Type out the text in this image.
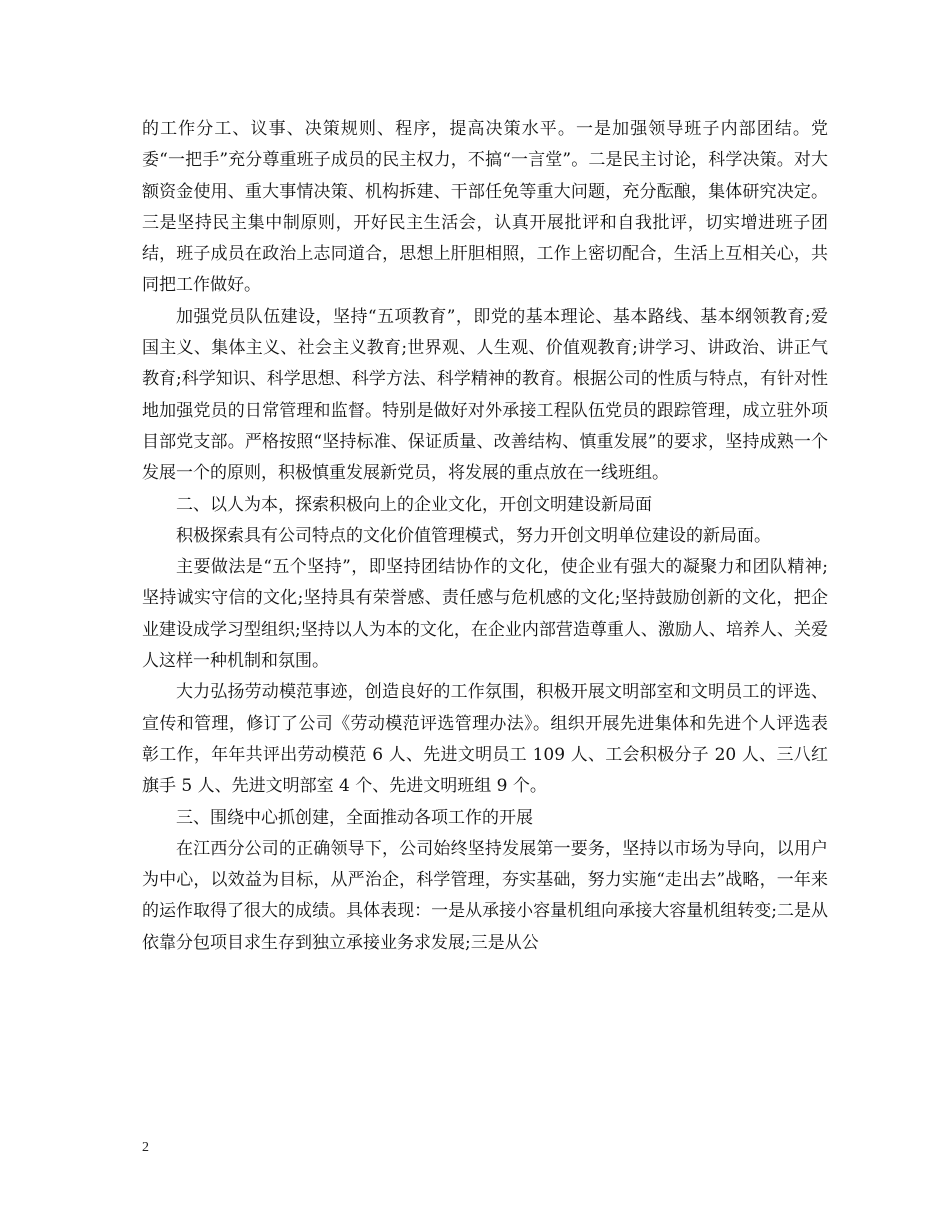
的工作分工、议事、决策规则、程序，提高决策水平。一是加强领导班子内部团结。党委“一把手”充分尊重班子成员的民主权力，不搞“一言堂”。二是民主讨论，科学决策。对大额资金使用、重大事情决策、机构拆建、干部任免等重大问题，充分酝酿，集体研究决定。三是坚持民主集中制原则，开好民主生活会，认真开展批评和自我批评，切实增进班子团结，班子成员在政治上志同道合，思想上肝胆相照，工作上密切配合，生活上互相关心，共同把工作做好。

加强党员队伍建设，坚持“五项教育”，即党的基本理论、基本路线、基本纲领教育;爱国主义、集体主义、社会主义教育;世界观、人生观、价值观教育;讲学习、讲政治、讲正气教育;科学知识、科学思想、科学方法、科学精神的教育。根据公司的性质与特点，有针对性地加强党员的日常管理和监督。特别是做好对外承接工程队伍党员的跟踪管理，成立驻外项目部党支部。严格按照“坚持标准、保证质量、改善结构、慎重发展”的要求，坚持成熟一个发展一个的原则，积极慎重发展新党员，将发展的重点放在一线班组。

二、以人为本，探索积极向上的企业文化，开创文明建设新局面

积极探索具有公司特点的文化价值管理模式，努力开创文明单位建设的新局面。

主要做法是“五个坚持”，即坚持团结协作的文化，使企业有强大的凝聚力和团队精神;坚持诚实守信的文化;坚持具有荣誉感、责任感与危机感的文化;坚持鼓励创新的文化，把企业建设成学习型组织;坚持以人为本的文化，在企业内部营造尊重人、激励人、培养人、关爱人这样一种机制和氛围。

大力弘扬劳动模范事迹，创造良好的工作氛围，积极开展文明部室和文明员工的评选、宣传和管理，修订了公司《劳动模范评选管理办法》。组织开展先进集体和先进个人评选表彰工作，年年共评出劳动模范 6 人、先进文明员工 109 人、工会积极分子 20 人、三八红旗手 5 人、先进文明部室 4 个、先进文明班组 9 个。

三、围绕中心抓创建，全面推动各项工作的开展

在江西分公司的正确领导下，公司始终坚持发展第一要务，坚持以市场为导向，以用户为中心，以效益为目标，从严治企，科学管理，夯实基础，努力实施“走出去”战略，一年来的运作取得了很大的成绩。具体表现：一是从承接小容量机组向承接大容量机组转变;二是从依靠分包项目求生存到独立承接业务求发展;三是从公

2
